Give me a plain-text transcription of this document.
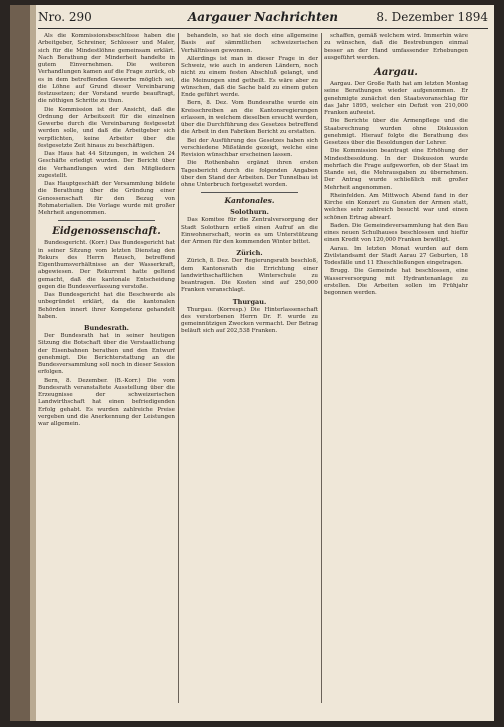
Nro. 290	Aargauer Nachrichten	8. Dezember 1894

Als die Kommissionsbeschlüsse haben die Arbeitgeber, Schreiner, Schlosser und Maler, sich für die Mindestlöhne gemeinsam erklärt. Nach Berathung der Minderheit handelte in gutem Einvernehmen. Die weiteren Verhandlungen kamen auf die Frage zurück, ob es in dem betreffenden Gewerbe möglich sei, die Löhne auf Grund dieser Vereinbarung festzusetzen; der Vorstand wurde beauftragt, die nöthigen Schritte zu thun.

Die Kommission ist der Ansicht, daß die Ordnung der Arbeitszeit für die einzelnen Gewerbe durch die Vereinbarung festgesetzt werden solle, und daß die Arbeitgeber sich verpflichten, keine Arbeiter über die festgesetzte Zeit hinaus zu beschäftigen.

Das Haus hat 44 Sitzungen, in welchen 24 Geschäfte erledigt wurden. Der Bericht über die Verhandlungen wird den Mitgliedern zugestellt.

Das Hauptgeschäft der Versammlung bildete die Berathung über die Gründung einer Genossenschaft für den Bezug von Rohmaterialien. Die Vorlage wurde mit großer Mehrheit angenommen.

Eidgenossenschaft.

Bundesgericht. (Korr.) Das Bundesgericht hat in seiner Sitzung vom letzten Dienstag den Rekurs des Herrn Reusch, betreffend Eigenthumsverhältnisse an der Wasserkraft, abgewiesen. Der Rekurrent hatte geltend gemacht, daß die kantonale Entscheidung gegen die Bundesverfassung verstoße.

Das Bundesgericht hat die Beschwerde als unbegründet erklärt, da die kantonalen Behörden innert ihrer Kompetenz gehandelt haben.

Bundesrath.

Der Bundesrath hat in seiner heutigen Sitzung die Botschaft über die Verstaatlichung der Eisenbahnen berathen und den Entwurf genehmigt. Die Berichterstattung an die Bundesversammlung soll noch in dieser Session erfolgen.

Bern, 8. Dezember. (B.-Korr.) Die vom Bundesrath veranstaltete Ausstellung über die Erzeugnisse der schweizerischen Landwirthschaft hat einen befriedigenden Erfolg gehabt. Es wurden zahlreiche Preise vergeben und die Anerkennung der Leistungen war allgemein.

behandeln, so hat sie doch eine allgemeine Basis auf sämmtlichen schweizerischen Verhältnissen gewonnen.

Allerdings ist man in dieser Frage in der Schweiz, wie auch in anderen Ländern, noch nicht zu einem festen Abschluß gelangt, und die Meinungen sind getheilt. Es wäre aber zu wünschen, daß die Sache bald zu einem guten Ende geführt werde.

Bern, 8. Dez. Vom Bundesrathe wurde ein Kreisschreiben an die Kantonsregierungen erlassen, in welchem dieselben ersucht werden, über die Durchführung des Gesetzes betreffend die Arbeit in den Fabriken Bericht zu erstatten.

Bei der Ausführung des Gesetzes haben sich verschiedene Mißstände gezeigt, welche eine Revision wünschbar erscheinen lassen.

Die Rothenbahn ergänzt ihren ersten Tagesbericht durch die folgenden Angaben über den Stand der Arbeiten. Der Tunnelbau ist ohne Unterbruch fortgesetzt worden.

Kantonales.
Solothurn.

Das Komitee für die Zentralversorgung der Stadt Solothurn erließ einen Aufruf an die Einwohnerschaft, worin es um Unterstützung der Armen für den kommenden Winter bittet.

Zürich.

Zürich, 8. Dez. Der Regierungsrath beschloß, dem Kantonsrath die Errichtung einer landwirthschaftlichen Winterschule zu beantragen. Die Kosten sind auf 250,000 Franken veranschlagt.

Thurgau.

Thurgau. (Korresp.) Die Hinterlassenschaft des verstorbenen Herrn Dr. F. wurde zu gemeinnützigen Zwecken vermacht. Der Betrag beläuft sich auf 202,538 Franken.

schaffen, gemäß welchem wird. Immerhin wäre zu wünschen, daß die Bestrebungen einmal besser an der Hand umfassender Erhebungen ausgeführt werden.

Aargau.

Aargau. Der Große Rath hat am letzten Montag seine Berathungen wieder aufgenommen. Er genehmigte zunächst den Staatsvoranschlag für das Jahr 1895, welcher ein Defizit von 210,000 Franken aufweist.

Die Berichte über die Armenpflege und die Staatsrechnung wurden ohne Diskussion genehmigt. Hierauf folgte die Berathung des Gesetzes über die Besoldungen der Lehrer.

Die Kommission beantragt eine Erhöhung der Mindestbesoldung. In der Diskussion wurde mehrfach die Frage aufgeworfen, ob der Staat im Stande sei, die Mehrausgaben zu übernehmen. Der Antrag wurde schließlich mit großer Mehrheit angenommen.

Rheinfelden. Am Mittwoch Abend fand in der Kirche ein Konzert zu Gunsten der Armen statt, welches sehr zahlreich besucht war und einen schönen Ertrag abwarf.

Baden. Die Gemeindeversammlung hat den Bau eines neuen Schulhauses beschlossen und hiefür einen Kredit von 120,000 Franken bewilligt.

Aarau. Im letzten Monat wurden auf dem Zivilstandsamt der Stadt Aarau 27 Geburten, 18 Todesfälle und 11 Eheschließungen eingetragen.

Brugg. Die Gemeinde hat beschlossen, eine Wasserversorgung mit Hydrantenanlage zu erstellen. Die Arbeiten sollen im Frühjahr begonnen werden.
